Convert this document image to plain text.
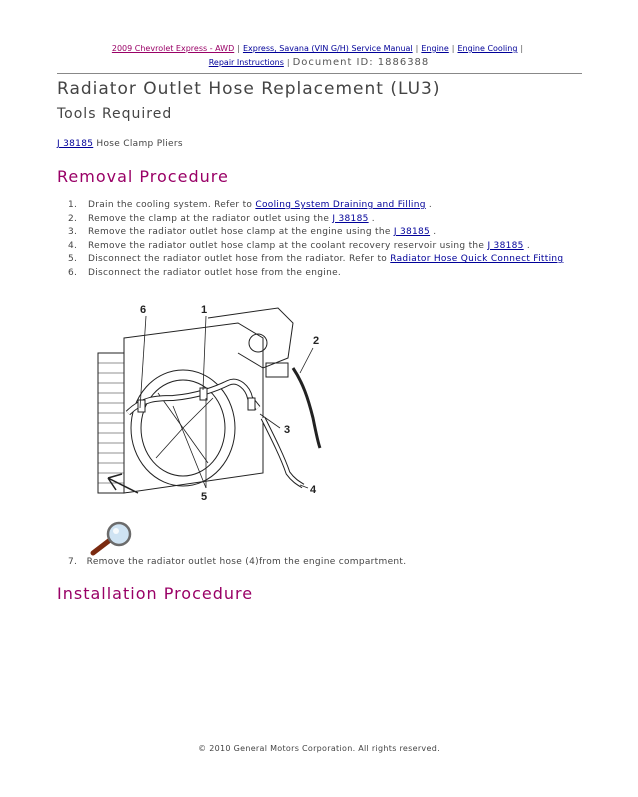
2009 Chevrolet Express - AWD | Express, Savana (VIN G/H) Service Manual | Engine | Engine Cooling |
Repair Instructions | Document ID: 1886388
Radiator Outlet Hose Replacement (LU3)
Tools Required
J 38185 Hose Clamp Pliers
Removal Procedure
1. Drain the cooling system. Refer to Cooling System Draining and Filling .
2. Remove the clamp at the radiator outlet using the J 38185 .
3. Remove the radiator outlet hose clamp at the engine using the J 38185 .
4. Remove the radiator outlet hose clamp at the coolant recovery reservoir using the J 38185 .
5. Disconnect the radiator outlet hose from the radiator. Refer to Radiator Hose Quick Connect Fitting
6. Disconnect the radiator outlet hose from the engine.
6	1
2
3
5
4
7. Remove the radiator outlet hose (4)from the engine compartment.
Installation Procedure
© 2010 General Motors Corporation. All rights reserved.
